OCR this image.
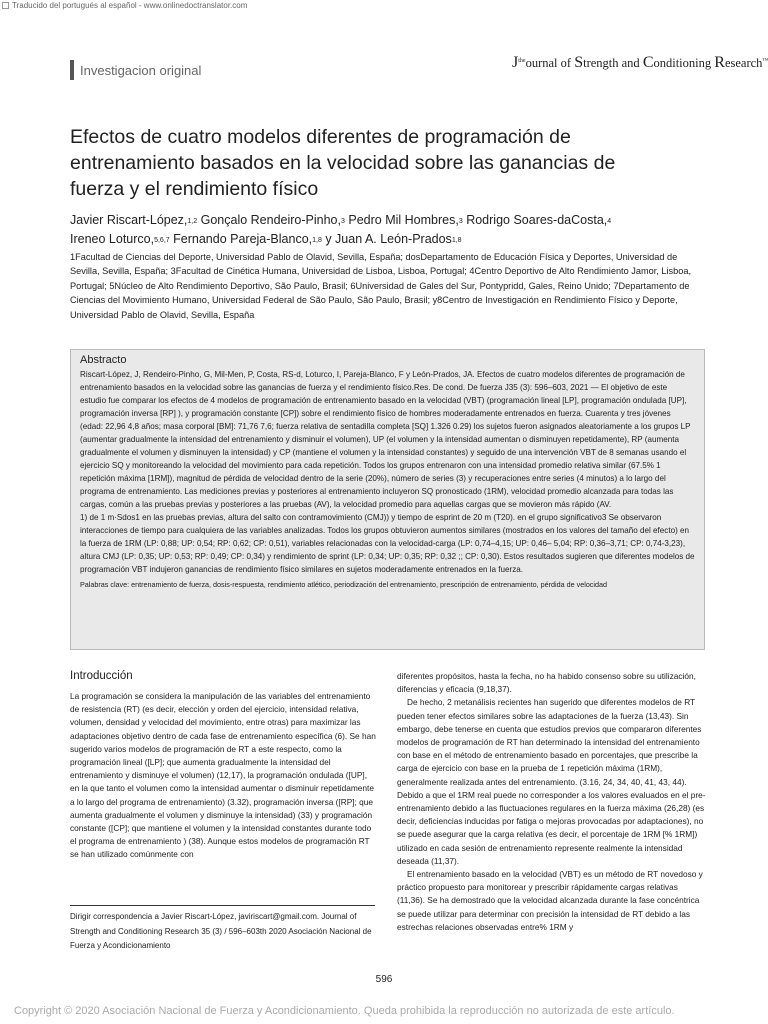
Traducido del portugués al español - www.onlinedoctranslator.com
Investigacion original	$J^{the}ournal$ of Strength and Conditioning Research™
Efectos de cuatro modelos diferentes de programación de entrenamiento basados en la velocidad sobre las ganancias de fuerza y el rendimiento físico
Javier Riscart-López,$^{1,2}$ Gonçalo Rendeiro-Pinho,$^3$ Pedro Mil Hombres,$^3$ Rodrigo Soares-daCosta,$^4$
Ireneo Loturco,$^{5,6,7}$ Fernando Pareja-Blanco,$^{1,8}$ y Juan A. León-Prados$^{1,8}$
1Facultad de Ciencias del Deporte, Universidad Pablo de Olavid, Sevilla, España; dosDepartamento de Educación Física y Deportes, Universidad de Sevilla, Sevilla, España; 3Facultad de Cinética Humana, Universidad de Lisboa, Lisboa, Portugal; 4Centro Deportivo de Alto Rendimiento Jamor, Lisboa, Portugal; 5Núcleo de Alto Rendimiento Deportivo, São Paulo, Brasil; 6Universidad de Gales del Sur, Pontypridd, Gales, Reino Unido; 7Departamento de Ciencias del Movimiento Humano, Universidad Federal de São Paulo, São Paulo, Brasil; y8Centro de Investigación en Rendimiento Físico y Deporte, Universidad Pablo de Olavid, Sevilla, España
Abstracto

Riscart-López, J, Rendeiro-Pinho, G, Mil-Men, P, Costa, RS-d, Loturco, I, Pareja-Blanco, F y León-Prados, JA. Efectos de cuatro modelos diferentes de programación de entrenamiento basados en la velocidad sobre las ganancias de fuerza y el rendimiento físico.Res. De cond. De fuerza J35 (3): 596–603, 2021 — El objetivo de este estudio fue comparar los efectos de 4 modelos de programación de entrenamiento basado en la velocidad (VBT) (programación lineal [LP], programación ondulada [UP], programación inversa [RP] ), y programación constante [CP]) sobre el rendimiento físico de hombres moderadamente entrenados en fuerza. Cuarenta y tres jóvenes (edad: 22,96 4,8 años; masa corporal [BM]: 71,76 7,6; fuerza relativa de sentadilla completa [SQ] 1.326 0.29) los sujetos fueron asignados aleatoriamente a los grupos LP (aumentar gradualmente la intensidad del entrenamiento y disminuir el volumen), UP (el volumen y la intensidad aumentan o disminuyen repetidamente), RP (aumenta gradualmente el volumen y disminuyen la intensidad) y CP (mantiene el volumen y la intensidad constantes) y seguido de una intervención VBT de 8 semanas usando el ejercicio SQ y monitoreando la velocidad del movimiento para cada repetición. Todos los grupos entrenaron con una intensidad promedio relativa similar (67.5% 1 repetición máxima [1RM]), magnitud de pérdida de velocidad dentro de la serie (20%), número de series (3) y recuperaciones entre series (4 minutos) a lo largo del programa de entrenamiento. Las mediciones previas y posteriores al entrenamiento incluyeron SQ pronosticado (1RM), velocidad promedio alcanzada para todas las cargas, común a las pruebas previas y posteriores a las pruebas (AV), la velocidad promedio para aquellas cargas que se movieron más rápido (AV.

1) de 1 m·Sdos1 en las pruebas previas, altura del salto con contramovimiento (CMJ)) y tiempo de esprint de 20 m (T20). en el grupo significativo3 Se observaron interacciones de tiempo para cualquiera de las variables analizadas. Todos los grupos obtuvieron aumentos similares (mostrados en los valores del tamaño del efecto) en la fuerza de 1RM (LP: 0,88; UP: 0,54; RP: 0,62; CP: 0,51), variables relacionadas con la velocidad-carga (LP: 0,74–4,15; UP: 0,46– 5,04; RP: 0,36–3,71; CP: 0,74-3,23), altura CMJ (LP: 0,35; UP: 0,53; RP: 0,49; CP: 0,34) y rendimiento de sprint (LP: 0,34; UP: 0,35; RP: 0,32 ;; CP: 0,30). Estos resultados sugieren que diferentes modelos de programación VBT indujeron ganancias de rendimiento físico similares en sujetos moderadamente entrenados en la fuerza.

Palabras clave: entrenamiento de fuerza, dosis-respuesta, rendimiento atlético, periodización del entrenamiento, prescripción de entrenamiento, pérdida de velocidad
Introducción

La programación se considera la manipulación de las variables del entrenamiento de resistencia (RT) (es decir, elección y orden del ejercicio, intensidad relativa, volumen, densidad y velocidad del movimiento, entre otras) para maximizar las adaptaciones objetivo dentro de cada fase de entrenamiento específica (6). Se han sugerido varios modelos de programación de RT a este respecto, como la programación lineal ([LP]; que aumenta gradualmente la intensidad del entrenamiento y disminuye el volumen) (12,17), la programación ondulada ([UP], en la que tanto el volumen como la intensidad aumentar o disminuir repetidamente a lo largo del programa de entrenamiento) (3.32), programación inversa ([RP]; que aumenta gradualmente el volumen y disminuye la intensidad) (33) y programación constante ([CP]; que mantiene el volumen y la intensidad constantes durante todo el programa de entrenamiento ) (38). Aunque estos modelos de programación RT se han utilizado comúnmente con

diferentes propósitos, hasta la fecha, no ha habido consenso sobre su utilización, diferencias y eficacia (9,18,37).

De hecho, 2 metanálisis recientes han sugerido que diferentes modelos de RT pueden tener efectos similares sobre las adaptaciones de la fuerza (13,43). Sin embargo, debe tenerse en cuenta que estudios previos que compararon diferentes modelos de programación de RT han determinado la intensidad del entrenamiento con base en el método de entrenamiento basado en porcentajes, que prescribe la carga de ejercicio con base en la prueba de 1 repetición máxima (1RM), generalmente realizada antes del entrenamiento. (3.16, 24, 34, 40, 41, 43, 44). Debido a que el 1RM real puede no corresponder a los valores evaluados en el pre-entrenamiento debido a las fluctuaciones regulares en la fuerza máxima (26,28) (es decir, deficiencias inducidas por fatiga o mejoras provocadas por adaptaciones), no se puede asegurar que la carga relativa (es decir, el porcentaje de 1RM [% 1RM]) utilizado en cada sesión de entrenamiento represente realmente la intensidad deseada (11,37).

El entrenamiento basado en la velocidad (VBT) es un método de RT novedoso y práctico propuesto para monitorear y prescribir rápidamente cargas relativas (11,36). Se ha demostrado que la velocidad alcanzada durante la fase concéntrica se puede utilizar para determinar con precisión la intensidad de RT debido a las estrechas relaciones observadas entre% 1RM y

Dirigir correspondencia a Javier Riscart-López, javiriscart@gmail.com. Journal of Strength and Conditioning Research 35 (3) / 596–603th 2020 Asociación Nacional de Fuerza y Acondicionamiento
596
Copyright © 2020 Asociación Nacional de Fuerza y Acondicionamiento. Queda prohibida la reproducción no autorizada de este artículo.
